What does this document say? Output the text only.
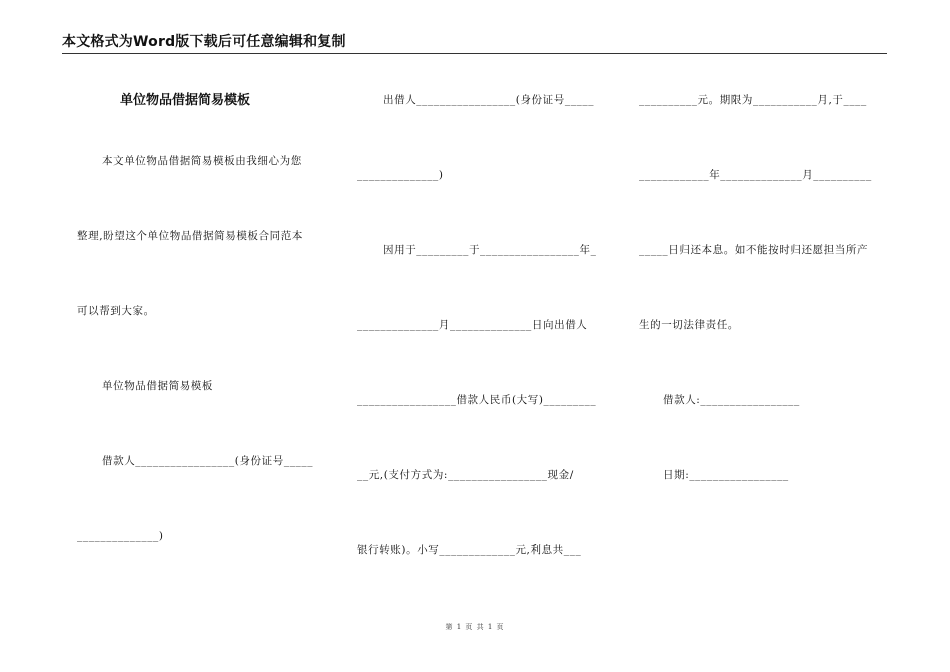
本文格式为Word版下载后可任意编辑和复制
单位物品借据简易模板
本文单位物品借据简易模板由我细心为您
整理,盼望这个单位物品借据简易模板合同范本
可以帮到大家。
单位物品借据简易模板
借款人_________________(身份证号_____
______________)
出借人_________________(身份证号_____
______________)
因用于_________于_________________年_
______________月______________日向出借人
_________________借款人民币(大写)_________
__元,(支付方式为:_________________现金/
银行转账)。小写_____________元,利息共___
__________元。期限为___________月,于____
____________年______________月__________
_____日归还本息。如不能按时归还愿担当所产
生的一切法律责任。
借款人:_________________
日期:_________________
第 1 页 共 1 页
